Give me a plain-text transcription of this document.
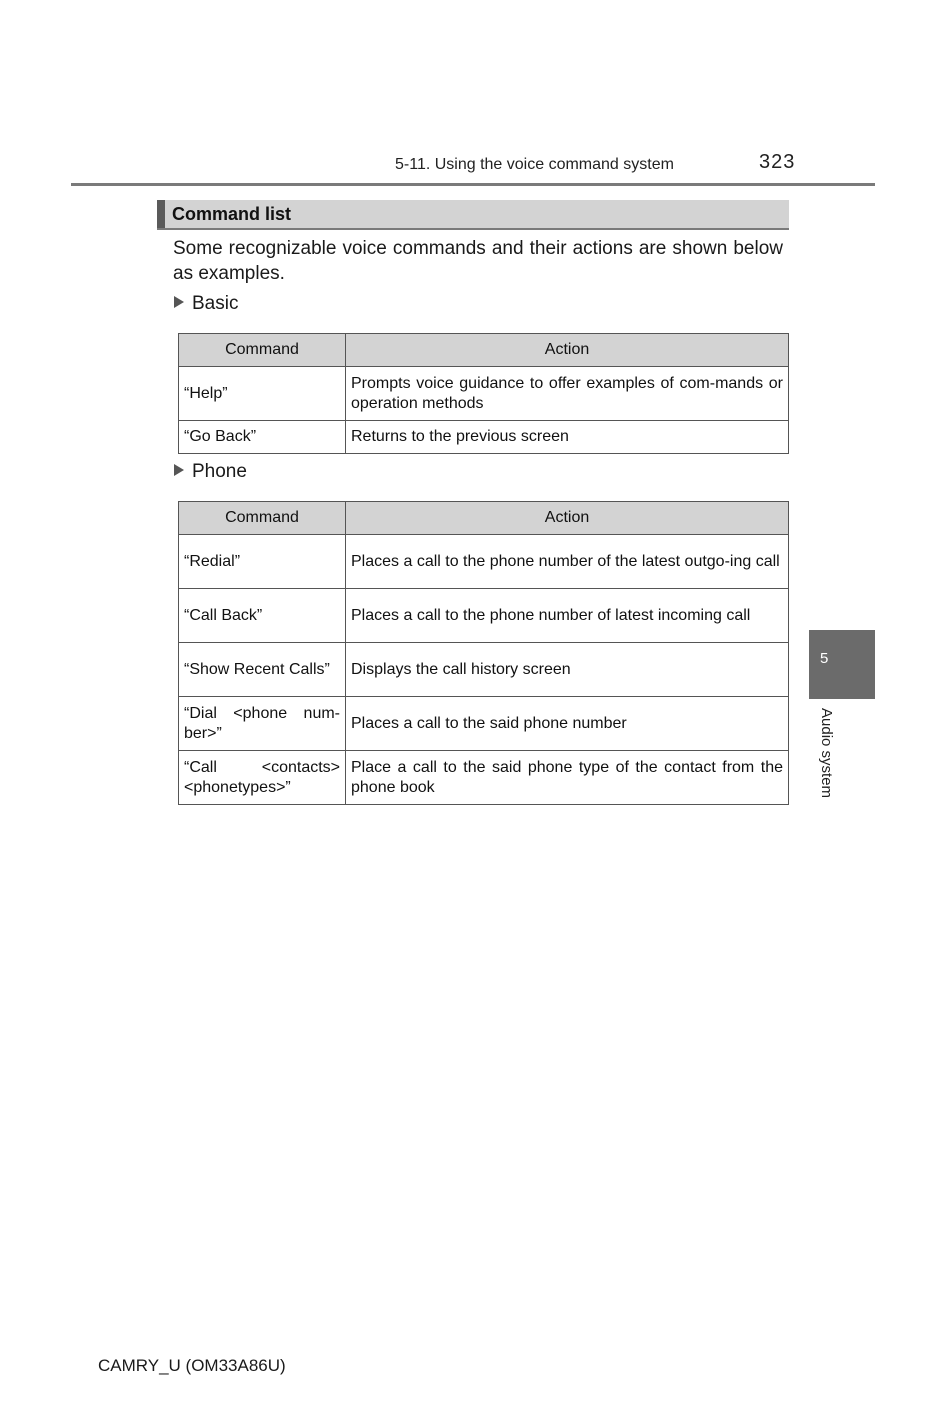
5-11. Using the voice command system	323
Command list
Some recognizable voice commands and their actions are shown below as examples.
Basic
Command	Action
“Help”	Prompts voice guidance to offer examples of com-mands or operation methods
“Go Back”	Returns to the previous screen
Phone
Command	Action
“Redial”	Places a call to the phone number of the latest outgo-ing call
“Call Back”	Places a call to the phone number of latest incoming call
“Show Recent Calls”	Displays the call history screen
“Dial <phone num-ber>”	Places a call to the said phone number
“Call <contacts> <phonetypes>”	Place a call to the said phone type of the contact from the phone book
5
Audio system
CAMRY_U (OM33A86U)
